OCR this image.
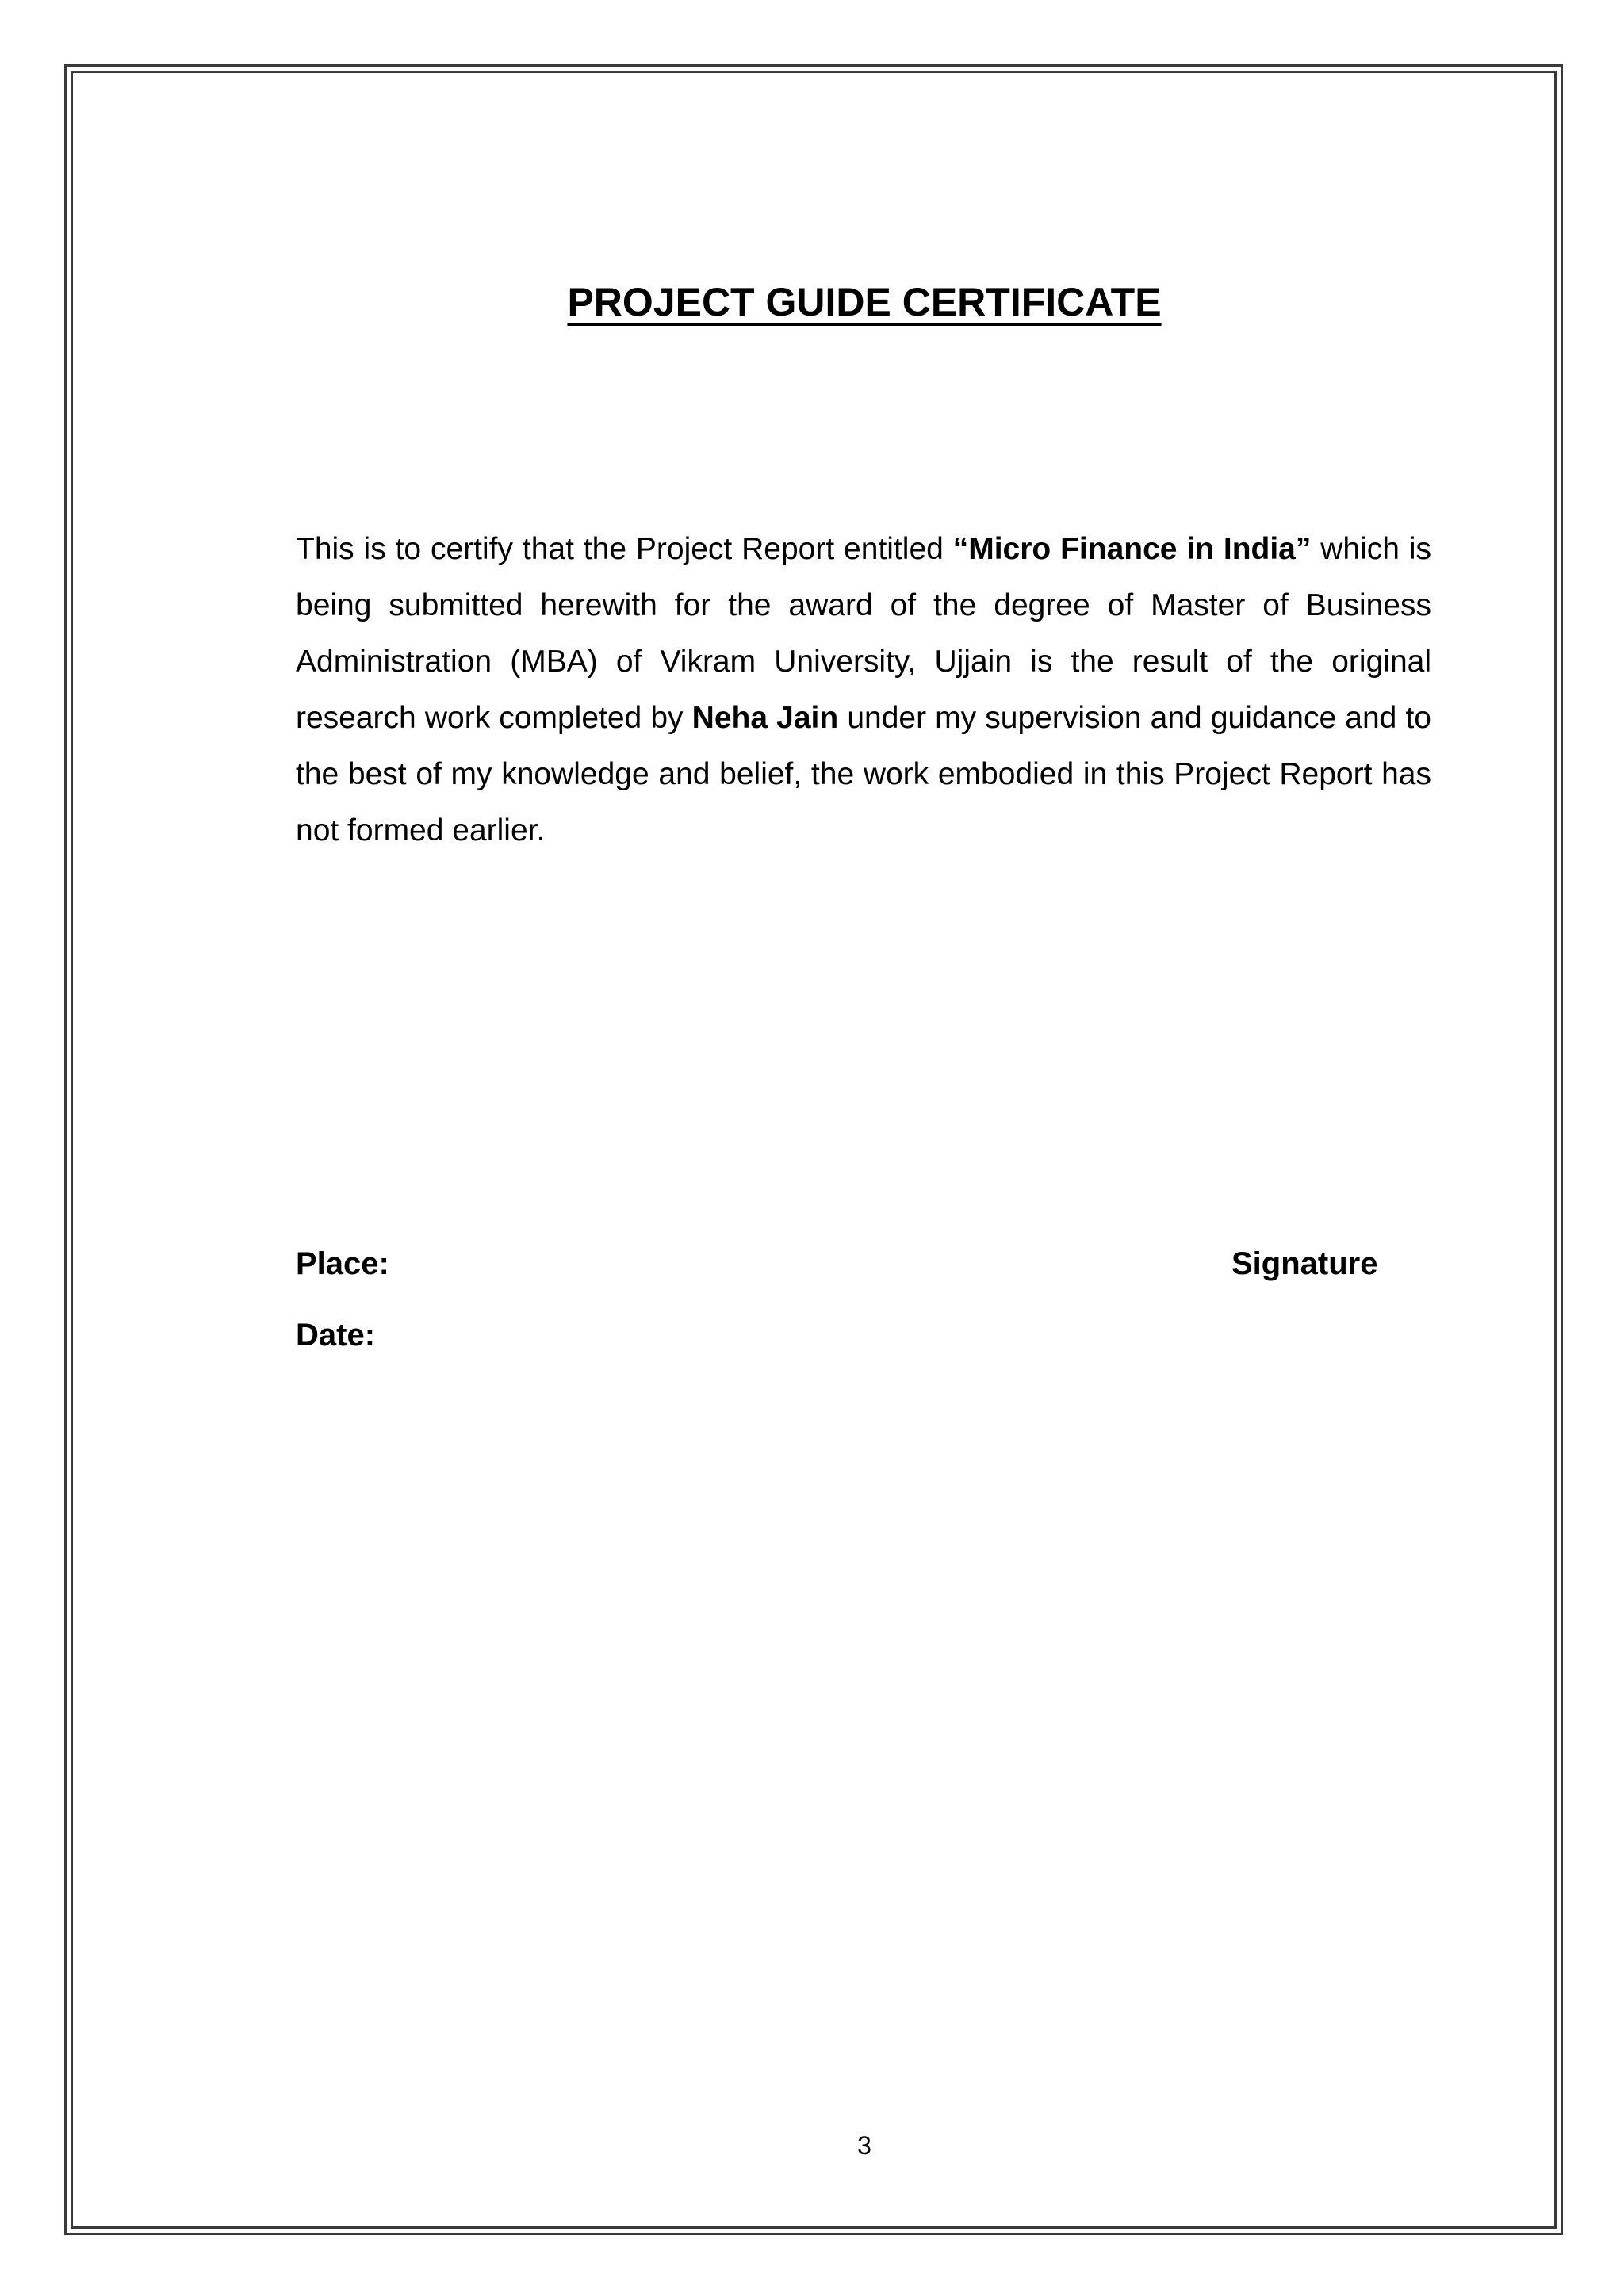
PROJECT GUIDE CERTIFICATE

This is to certify that the Project Report entitled “Micro Finance in India” which is being submitted herewith for the award of the degree of Master of Business Administration (MBA) of Vikram University, Ujjain is the result of the original research work completed by Neha Jain under my supervision and guidance and to the best of my knowledge and belief, the work embodied in this Project Report has not formed earlier.

Place:

Date:

Signature

3
